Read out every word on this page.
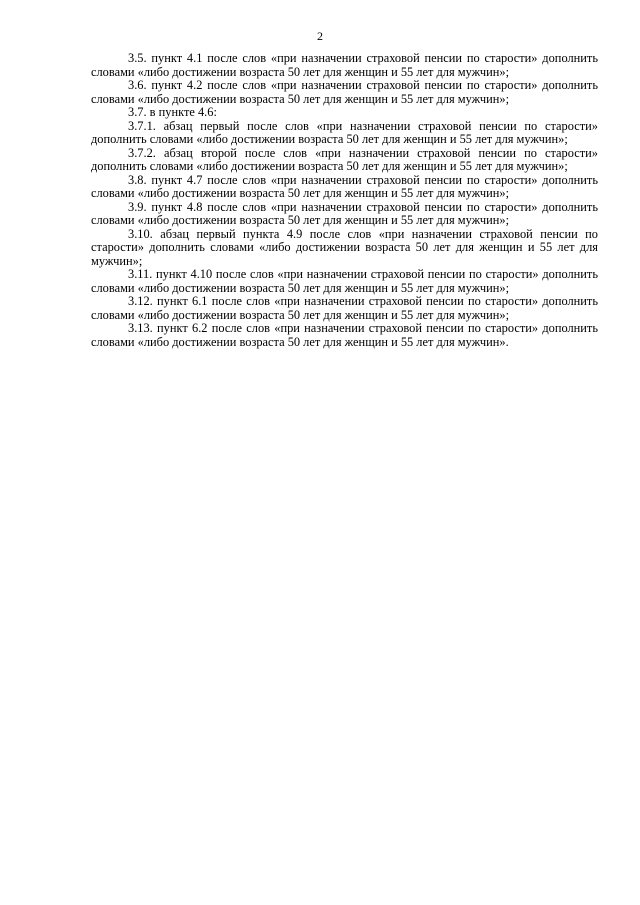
2

3.5. пункт 4.1 после слов «при назначении страховой пенсии по старости» дополнить словами «либо достижении возраста 50 лет для женщин и 55 лет для мужчин»;

3.6. пункт 4.2 после слов «при назначении страховой пенсии по старости» дополнить словами «либо достижении возраста 50 лет для женщин и 55 лет для мужчин»;

3.7. в пункте 4.6:

3.7.1. абзац первый после слов «при назначении страховой пенсии по старости» дополнить словами «либо достижении возраста 50 лет для женщин и 55 лет для мужчин»;

3.7.2. абзац второй после слов «при назначении страховой пенсии по старости» дополнить словами «либо достижении возраста 50 лет для женщин и 55 лет для мужчин»;

3.8. пункт 4.7 после слов «при назначении страховой пенсии по старости» дополнить словами «либо достижении возраста 50 лет для женщин и 55 лет для мужчин»;

3.9. пункт 4.8 после слов «при назначении страховой пенсии по старости» дополнить словами «либо достижении возраста 50 лет для женщин и 55 лет для мужчин»;

3.10. абзац первый пункта 4.9 после слов «при назначении страховой пенсии по старости» дополнить словами «либо достижении возраста 50 лет для женщин и 55 лет для мужчин»;

3.11. пункт 4.10 после слов «при назначении страховой пенсии по старости» дополнить словами «либо достижении возраста 50 лет для женщин и 55 лет для мужчин»;

3.12. пункт 6.1 после слов «при назначении страховой пенсии по старости» дополнить словами «либо достижении возраста 50 лет для женщин и 55 лет для мужчин»;

3.13. пункт 6.2 после слов «при назначении страховой пенсии по старости» дополнить словами «либо достижении возраста 50 лет для женщин и 55 лет для мужчин».
